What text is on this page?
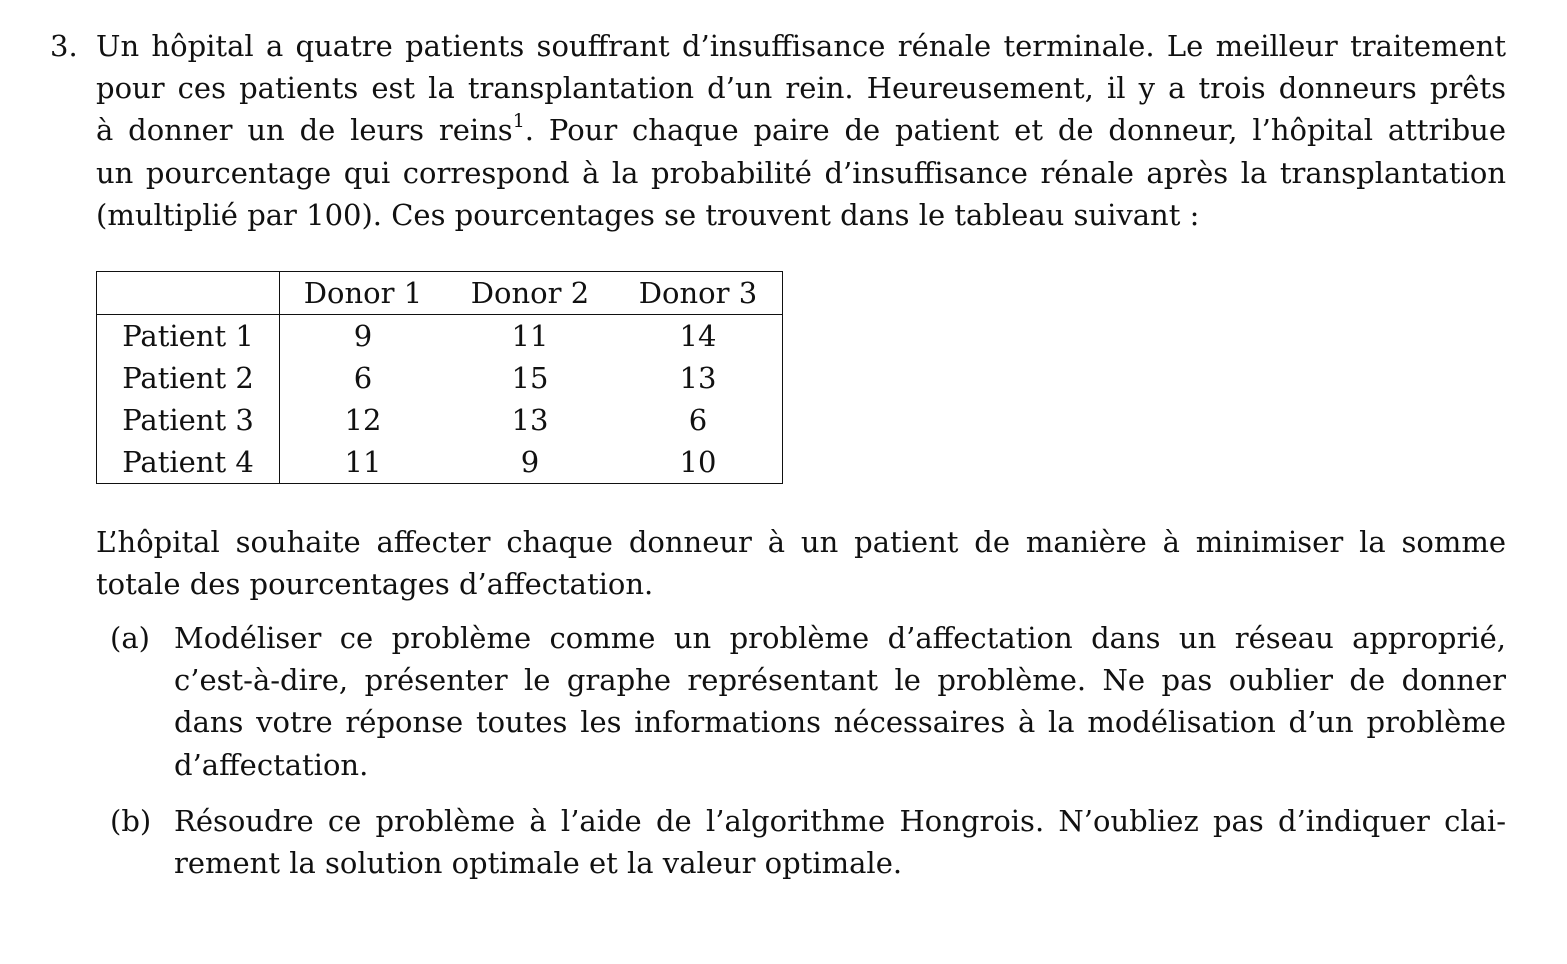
3. Un hôpital a quatre patients souffrant d’insuffisance rénale terminale. Le meilleur traitement
pour ces patients est la transplantation d’un rein. Heureusement, il y a trois donneurs prêts
à donner un de leurs reins$^1$. Pour chaque paire de patient et de donneur, l’hôpital attribue
un pourcentage qui correspond à la probabilité d’insuffisance rénale après la transplantation
(multiplié par 100). Ces pourcentages se trouvent dans le tableau suivant :
	Donor 1	Donor 2	Donor 3
Patient 1	9	11	14
Patient 2	6	15	13
Patient 3	12	13	6
Patient 4	11	9	10
L’hôpital souhaite affecter chaque donneur à un patient de manière à minimiser la somme
totale des pourcentages d’affectation.
(a) Modéliser ce problème comme un problème d’affectation dans un réseau approprié,
c’est-à-dire, présenter le graphe représentant le problème. Ne pas oublier de donner
dans votre réponse toutes les informations nécessaires à la modélisation d’un problème
d’affectation.
(b) Résoudre ce problème à l’aide de l’algorithme Hongrois. N’oubliez pas d’indiquer clai-
rement la solution optimale et la valeur optimale.
